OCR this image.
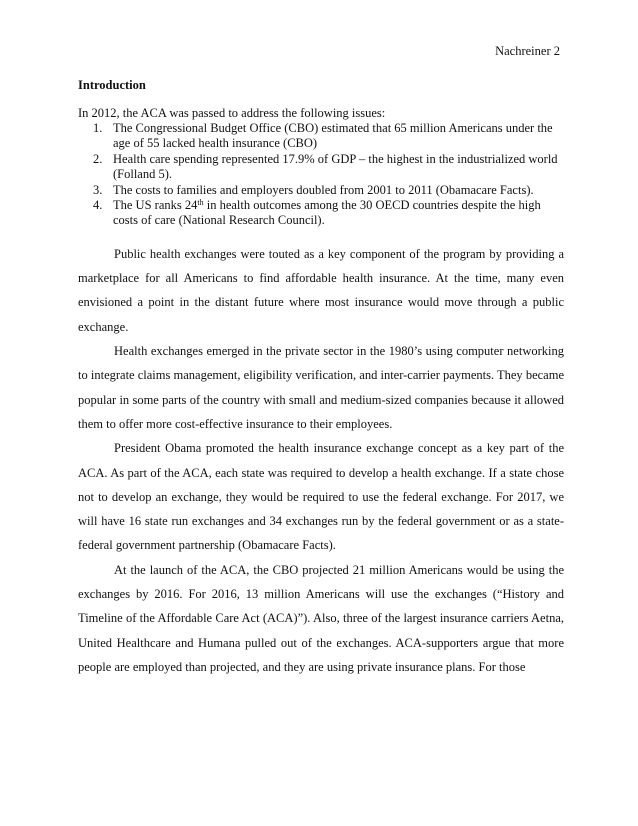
Nachreiner 2
Introduction

In 2012, the ACA was passed to address the following issues:

1. The Congressional Budget Office (CBO) estimated that 65 million Americans under the age of 55 lacked health insurance (CBO)
2. Health care spending represented 17.9% of GDP – the highest in the industrialized world (Folland 5).
3. The costs to families and employers doubled from 2001 to 2011 (Obamacare Facts).
4. The US ranks 24th in health outcomes among the 30 OECD countries despite the high costs of care (National Research Council).

Public health exchanges were touted as a key component of the program by providing a marketplace for all Americans to find affordable health insurance. At the time, many even envisioned a point in the distant future where most insurance would move through a public exchange.

Health exchanges emerged in the private sector in the 1980’s using computer networking to integrate claims management, eligibility verification, and inter-carrier payments. They became popular in some parts of the country with small and medium-sized companies because it allowed them to offer more cost-effective insurance to their employees.

President Obama promoted the health insurance exchange concept as a key part of the ACA. As part of the ACA, each state was required to develop a health exchange. If a state chose not to develop an exchange, they would be required to use the federal exchange. For 2017, we will have 16 state run exchanges and 34 exchanges run by the federal government or as a state-federal government partnership (Obamacare Facts).

At the launch of the ACA, the CBO projected 21 million Americans would be using the exchanges by 2016. For 2016, 13 million Americans will use the exchanges (“History and Timeline of the Affordable Care Act (ACA)”). Also, three of the largest insurance carriers Aetna, United Healthcare and Humana pulled out of the exchanges. ACA-supporters argue that more people are employed than projected, and they are using private insurance plans. For those
